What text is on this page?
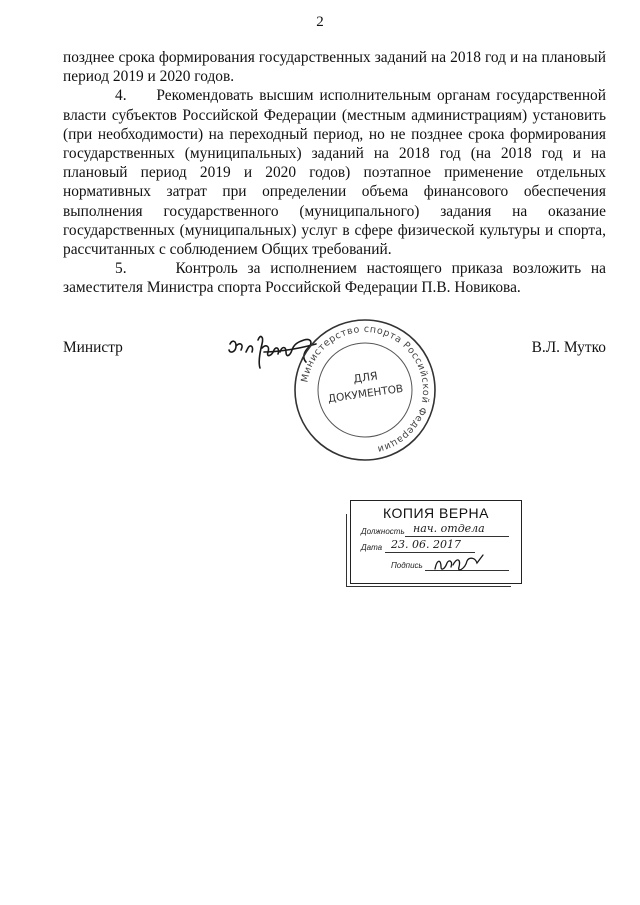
2

позднее срока формирования государственных заданий на 2018 год и на плановый период 2019 и 2020 годов.

4.     Рекомендовать высшим исполнительным органам государственной власти субъектов Российской Федерации (местным администрациям) установить (при необходимости) на переходный период, но не позднее срока формирования государственных (муниципальных) заданий на 2018 год (на 2018 год и на плановый период 2019 и 2020 годов) поэтапное применение отдельных нормативных затрат при определении объема финансового обеспечения выполнения государственного (муниципального) задания на оказание государственных (муниципальных) услуг в сфере физической культуры и спорта, рассчитанных с соблюдением Общих требований.

5.     Контроль за исполнением настоящего приказа возложить на заместителя Министра спорта Российской Федерации П.В. Новикова.

Министр	В.Л. Мутко
Министерство спорта Российской Федерации
ДЛЯ
ДОКУМЕНТОВ
КОПИЯ ВЕРНА
Должность нач. отдела
Дата 23. 06. 2017
Подпись
